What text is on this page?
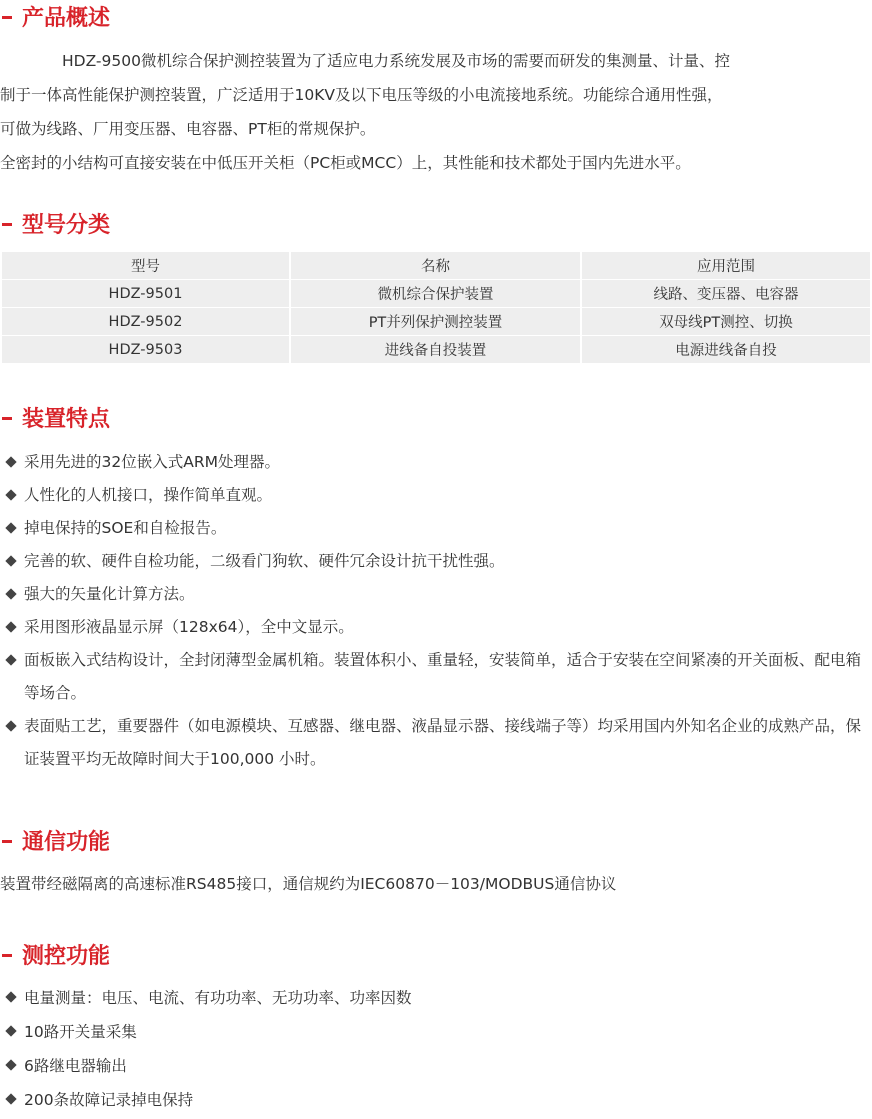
产品概述
HDZ-9500微机综合保护测控装置为了适应电力系统发展及市场的需要而研发的集测量、计量、控
制于一体高性能保护测控装置，广泛适用于10KV及以下电压等级的小电流接地系统。功能综合通用性强，
可做为线路、厂用变压器、电容器、PT柜的常规保护。
全密封的小结构可直接安装在中低压开关柜（PC柜或MCC）上，其性能和技术都处于国内先进水平。
型号分类
型号	名称	应用范围
HDZ-9501	微机综合保护装置	线路、变压器、电容器
HDZ-9502	PT并列保护测控装置	双母线PT测控、切换
HDZ-9503	进线备自投装置	电源进线备自投
装置特点
采用先进的32位嵌入式ARM处理器。
人性化的人机接口，操作简单直观。
掉电保持的SOE和自检报告。
完善的软、硬件自检功能，二级看门狗软、硬件冗余设计抗干扰性强。
强大的矢量化计算方法。
采用图形液晶显示屏（128x64），全中文显示。
面板嵌入式结构设计，全封闭薄型金属机箱。装置体积小、重量轻，安装简单，适合于安装在空间紧凑的开关面板、配电箱等场合。
表面贴工艺，重要器件（如电源模块、互感器、继电器、液晶显示器、接线端子等）均采用国内外知名企业的成熟产品，保证装置平均无故障时间大于100,000 小时。
通信功能
装置带经磁隔离的高速标准RS485接口，通信规约为IEC60870－103/MODBUS通信协议
测控功能
电量测量：电压、电流、有功功率、无功功率、功率因数
10路开关量采集
6路继电器输出
200条故障记录掉电保持
